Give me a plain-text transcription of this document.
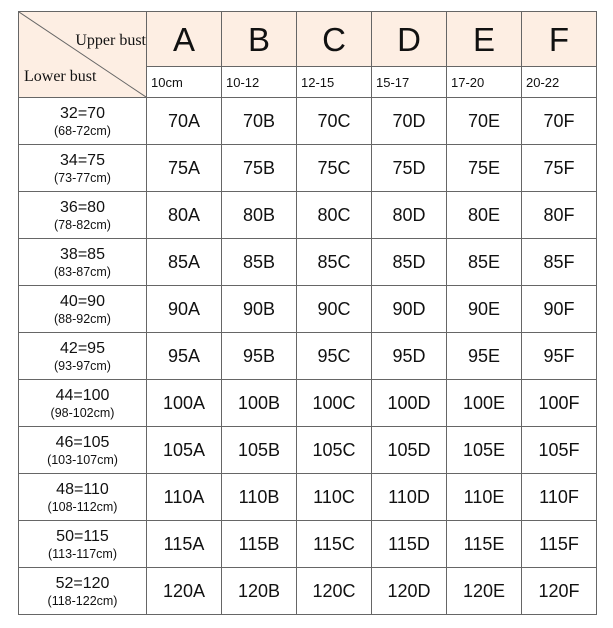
Upper bust
Lower bust	A	B	C	D	E	F
	10cm	10-12	12-15	15-17	17-20	20-22

32=70
(68-72cm)	70A	70B	70C	70D	70E	70F

34=75
(73-77cm)	75A	75B	75C	75D	75E	75F

36=80
(78-82cm)	80A	80B	80C	80D	80E	80F

38=85
(83-87cm)	85A	85B	85C	85D	85E	85F

40=90
(88-92cm)	90A	90B	90C	90D	90E	90F

42=95
(93-97cm)	95A	95B	95C	95D	95E	95F

44=100
(98-102cm)	100A	100B	100C	100D	100E	100F

46=105
(103-107cm)	105A	105B	105C	105D	105E	105F

48=110
(108-112cm)	110A	110B	110C	110D	110E	110F

50=115
(113-117cm)	115A	115B	115C	115D	115E	115F

52=120
(118-122cm)	120A	120B	120C	120D	120E	120F
